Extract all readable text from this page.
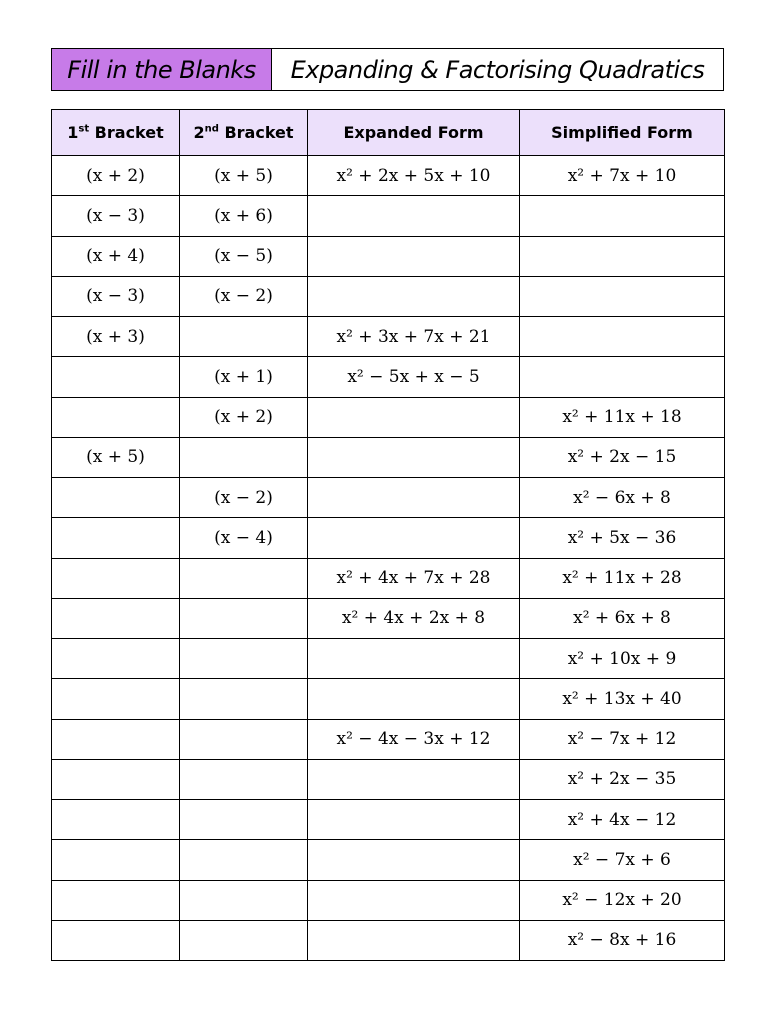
Fill in the Blanks	Expanding & Factorising Quadratics
1st Bracket	2nd Bracket	Expanded Form	Simplified Form
(x + 2)	(x + 5)	x² + 2x + 5x + 10	x² + 7x + 10
(x − 3)	(x + 6)		
(x + 4)	(x − 5)		
(x − 3)	(x − 2)		
(x + 3)		x² + 3x + 7x + 21	
	(x + 1)	x² − 5x + x − 5	
	(x + 2)		x² + 11x + 18
(x + 5)			x² + 2x − 15
	(x − 2)		x² − 6x + 8
	(x − 4)		x² + 5x − 36
		x² + 4x + 7x + 28	x² + 11x + 28
		x² + 4x + 2x + 8	x² + 6x + 8
			x² + 10x + 9
			x² + 13x + 40
		x² − 4x − 3x + 12	x² − 7x + 12
			x² + 2x − 35
			x² + 4x − 12
			x² − 7x + 6
			x² − 12x + 20
			x² − 8x + 16
